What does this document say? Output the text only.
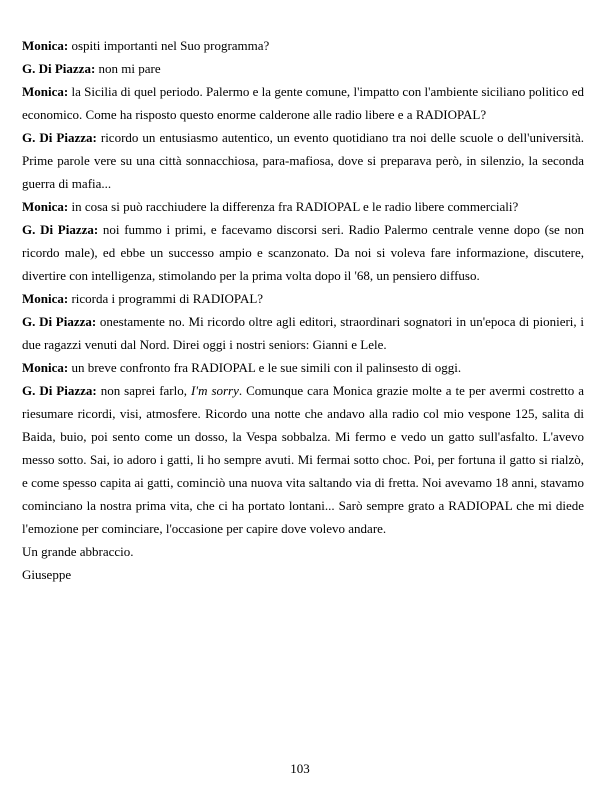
Monica: ospiti importanti nel Suo programma?

G. Di Piazza: non mi pare

Monica: la Sicilia di quel periodo. Palermo e la gente comune, l'impatto con l'ambiente siciliano politico ed economico. Come ha risposto questo enorme calderone alle radio libere e a RADIOPAL?

G. Di Piazza: ricordo un entusiasmo autentico, un evento quotidiano tra noi delle scuole o dell'università. Prime parole vere su una città sonnacchiosa, para-mafiosa, dove si preparava però, in silenzio, la seconda guerra di mafia...

Monica: in cosa si può racchiudere la differenza fra RADIOPAL e le radio libere commerciali?

G. Di Piazza: noi fummo i primi, e facevamo discorsi seri. Radio Palermo centrale venne dopo (se non ricordo male), ed ebbe un successo ampio e scanzonato. Da noi si voleva fare informazione, discutere, divertire con intelligenza, stimolando per la prima volta dopo il '68, un pensiero diffuso.

Monica: ricorda i programmi di RADIOPAL?

G. Di Piazza: onestamente no. Mi ricordo oltre agli editori, straordinari sognatori in un'epoca di pionieri, i due ragazzi venuti dal Nord. Direi oggi i nostri seniors: Gianni e Lele.

Monica: un breve confronto fra RADIOPAL e le sue simili con il palinsesto di oggi.

G. Di Piazza: non saprei farlo, I'm sorry. Comunque cara Monica grazie molte a te per avermi costretto a riesumare ricordi, visi, atmosfere. Ricordo una notte che andavo alla radio col mio vespone 125, salita di Baida, buio, poi sento come un dosso, la Vespa sobbalza. Mi fermo e vedo un gatto sull'asfalto. L'avevo messo sotto. Sai, io adoro i gatti, li ho sempre avuti. Mi fermai sotto choc. Poi, per fortuna il gatto si rialzò, e come spesso capita ai gatti, cominciò una nuova vita saltando via di fretta. Noi avevamo 18 anni, stavamo cominciano la nostra prima vita, che ci ha portato lontani... Sarò sempre grato a RADIOPAL che mi diede l'emozione per cominciare, l'occasione per capire dove volevo andare.

Un grande abbraccio.

Giuseppe

103
